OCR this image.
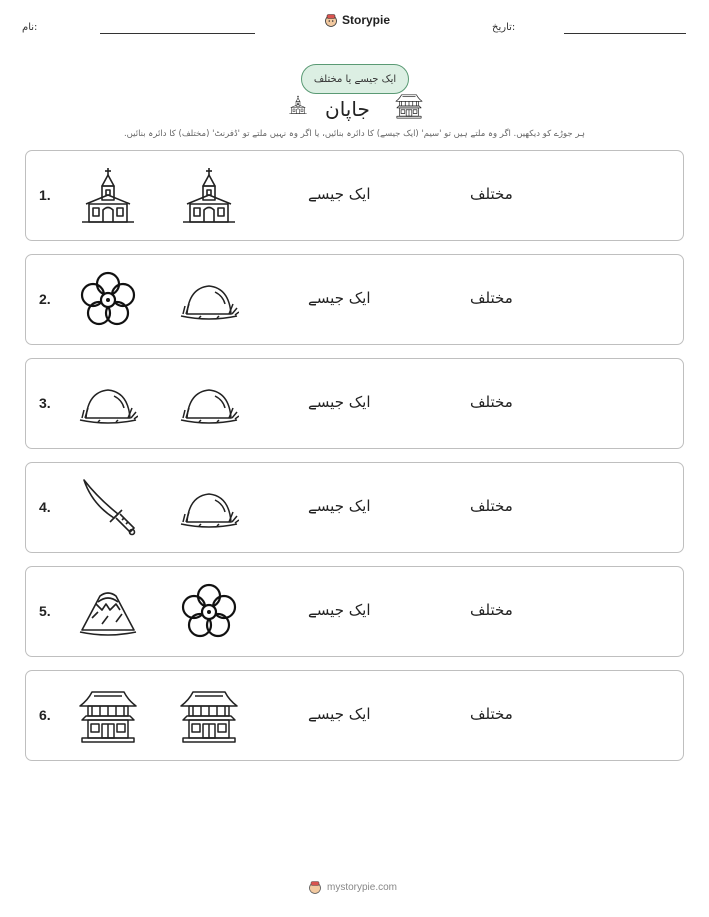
نام:
Storypie
تاریخ:
ایک جیسے یا مختلف
جاپان
ہر جوڑے کو دیکھیں. اگر وہ ملتے ہیں تو 'سیم' (ایک جیسے) کا دائرہ بنائیں، یا اگر وہ نہیں ملتے تو 'ڈفرنٹ' (مختلف) کا دائرہ بنائیں.
1.	ایک جیسے	مختلف
2.	ایک جیسے	مختلف
3.	ایک جیسے	مختلف
4.	ایک جیسے	مختلف
5.	ایک جیسے	مختلف
6.	ایک جیسے	مختلف
mystorypie.com
